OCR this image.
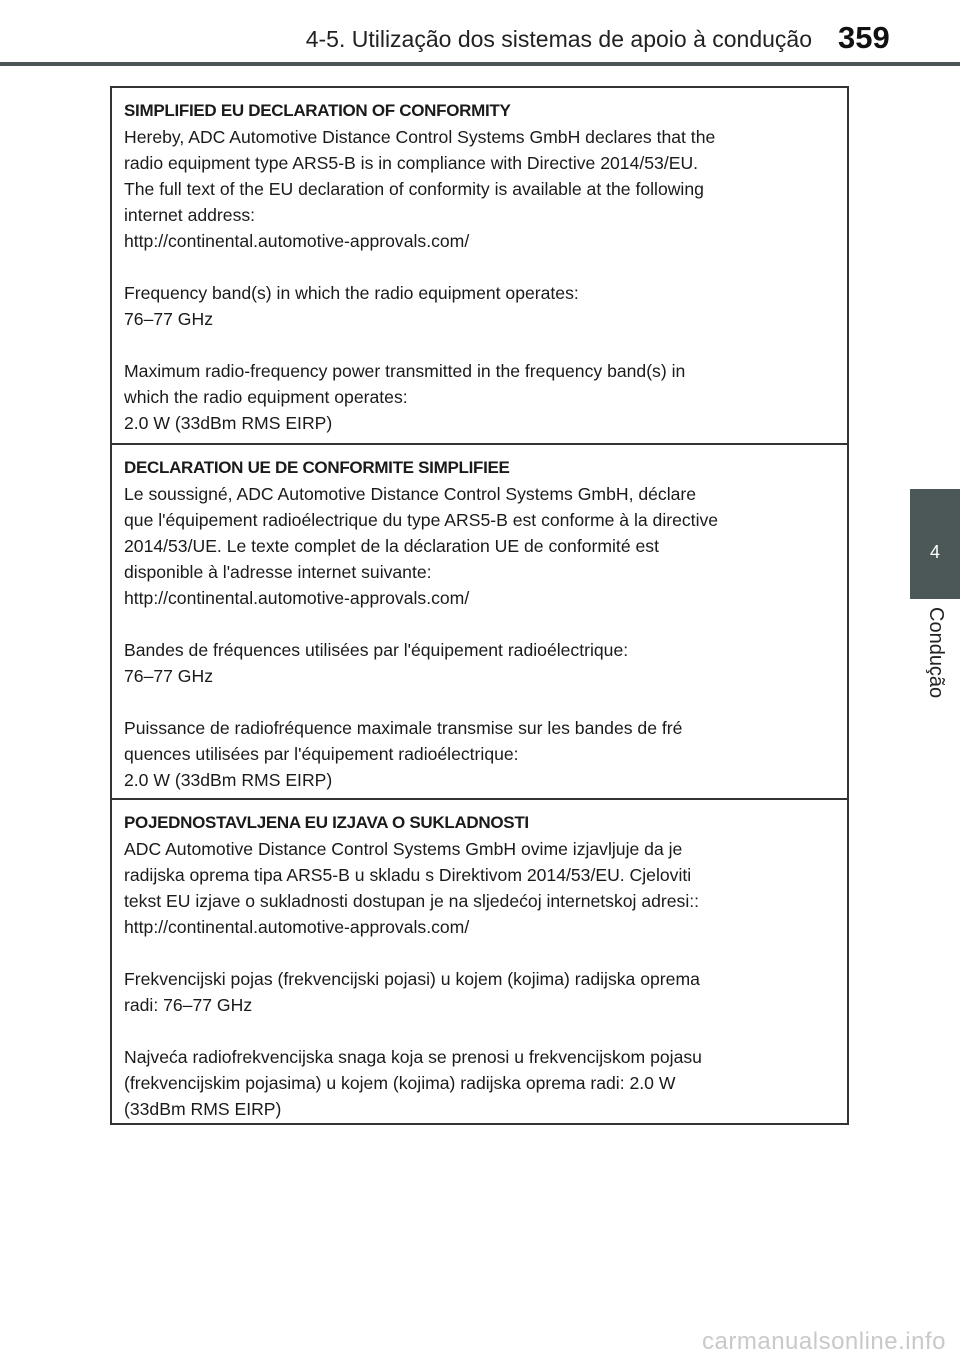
4-5. Utilização dos sistemas de apoio à condução 359
4
Condução
SIMPLIFIED EU DECLARATION OF CONFORMITY
Hereby, ADC Automotive Distance Control Systems GmbH declares that the
radio equipment type ARS5-B is in compliance with Directive 2014/53/EU.
The full text of the EU declaration of conformity is available at the following
internet address:
http://continental.automotive-approvals.com/
Frequency band(s) in which the radio equipment operates:
76–77 GHz
Maximum radio-frequency power transmitted in the frequency band(s) in
which the radio equipment operates:
2.0 W (33dBm RMS EIRP)
DECLARATION UE DE CONFORMITE SIMPLIFIEE
Le soussigné, ADC Automotive Distance Control Systems GmbH, déclare
que l'équipement radioélectrique du type ARS5-B est conforme à la directive
2014/53/UE. Le texte complet de la déclaration UE de conformité est
disponible à l'adresse internet suivante:
http://continental.automotive-approvals.com/
Bandes de fréquences utilisées par l'équipement radioélectrique:
76–77 GHz
Puissance de radiofréquence maximale transmise sur les bandes de fré
quences utilisées par l'équipement radioélectrique:
2.0 W (33dBm RMS EIRP)
POJEDNOSTAVLJENA EU IZJAVA O SUKLADNOSTI
ADC Automotive Distance Control Systems GmbH ovime izjavljuje da je
radijska oprema tipa ARS5-B u skladu s Direktivom 2014/53/EU. Cjeloviti
tekst EU izjave o sukladnosti dostupan je na sljedećoj internetskoj adresi::
http://continental.automotive-approvals.com/
Frekvencijski pojas (frekvencijski pojasi) u kojem (kojima) radijska oprema
radi: 76–77 GHz
Najveća radiofrekvencijska snaga koja se prenosi u frekvencijskom pojasu
(frekvencijskim pojasima) u kojem (kojima) radijska oprema radi: 2.0 W
(33dBm RMS EIRP)
carmanualsonline.info
